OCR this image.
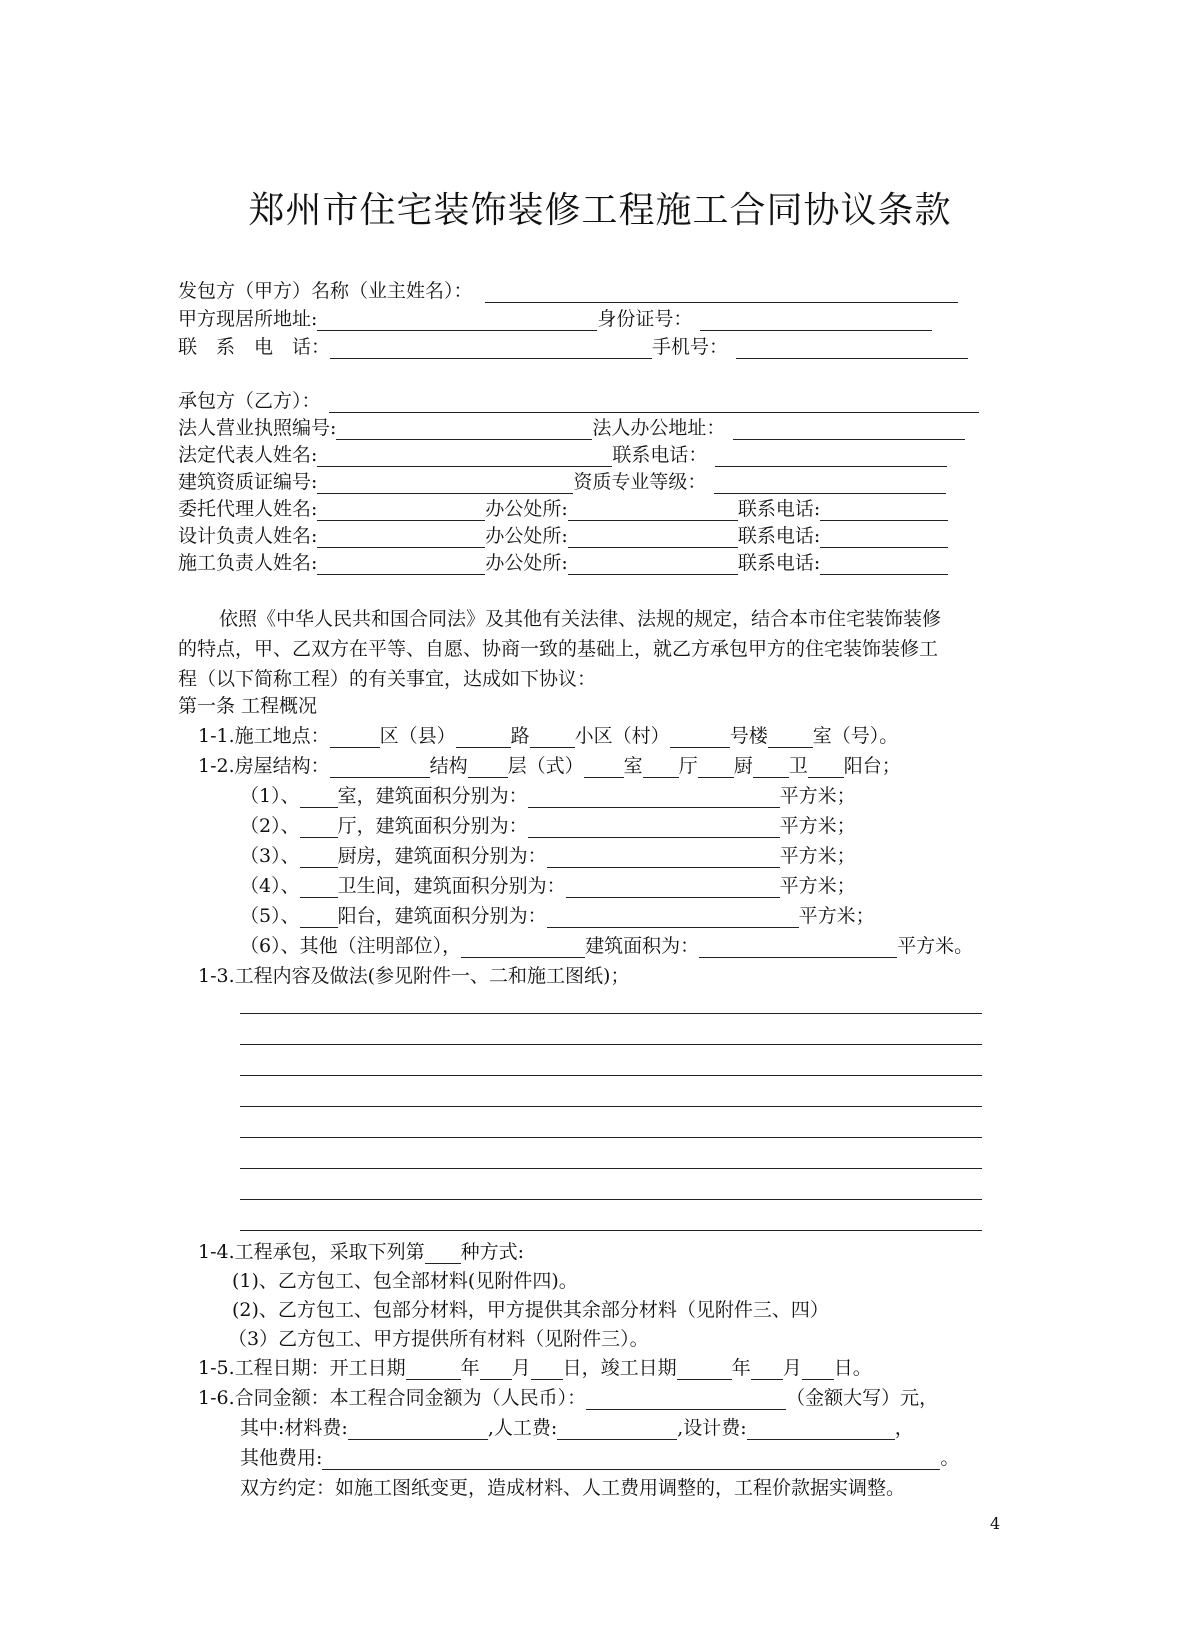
郑州市住宅装饰装修工程施工合同协议条款
发包方（甲方）名称（业主姓名）：
甲方现居所地址:	身份证号：
联　系　电　话：	手机号：
承包方（乙方）：
法人营业执照编号:	法人办公地址：
法定代表人姓名:	联系电话：
建筑资质证编号:	资质专业等级：
委托代理人姓名:	办公处所:	联系电话:
设计负责人姓名:	办公处所:	联系电话:
施工负责人姓名:	办公处所:	联系电话:
依照《中华人民共和国合同法》及其他有关法律、法规的规定，结合本市住宅装饰装修
的特点，甲、乙双方在平等、自愿、协商一致的基础上，就乙方承包甲方的住宅装饰装修工
程（以下简称工程）的有关事宜，达成如下协议：
第一条 工程概况
1-1.施工地点：	区（县）	路 小区（村）	号楼 室（号）。
1-2.房屋结构：	结构 层（式） 室 厅 厨 卫 阳台；
（1）、 室，建筑面积分别为：	平方米；
（2）、 厅，建筑面积分别为：	平方米；
（3）、 厨房，建筑面积分别为：	平方米；
（4）、 卫生间，建筑面积分别为：	平方米；
（5）、 阳台，建筑面积分别为：	平方米；
（6）、其他（注明部位），	建筑面积为：	平方米。
1-3.工程内容及做法(参见附件一、二和施工图纸)；
1-4.工程承包，采取下列第 种方式:
(1)、乙方包工、包全部材料(见附件四)。
(2)、乙方包工、包部分材料，甲方提供其余部分材料（见附件三、四）
（3）乙方包工、甲方提供所有材料（见附件三）。
1-5.工程日期：开工日期	年 月 日，竣工日期	年 月 日。
1-6.合同金额：本工程合同金额为（人民币）：	（金额大写）元，
其中:材料费:	,人工费:	,设计费:	，
其他费用:	。
双方约定：如施工图纸变更，造成材料、人工费用调整的，工程价款据实调整。
4
